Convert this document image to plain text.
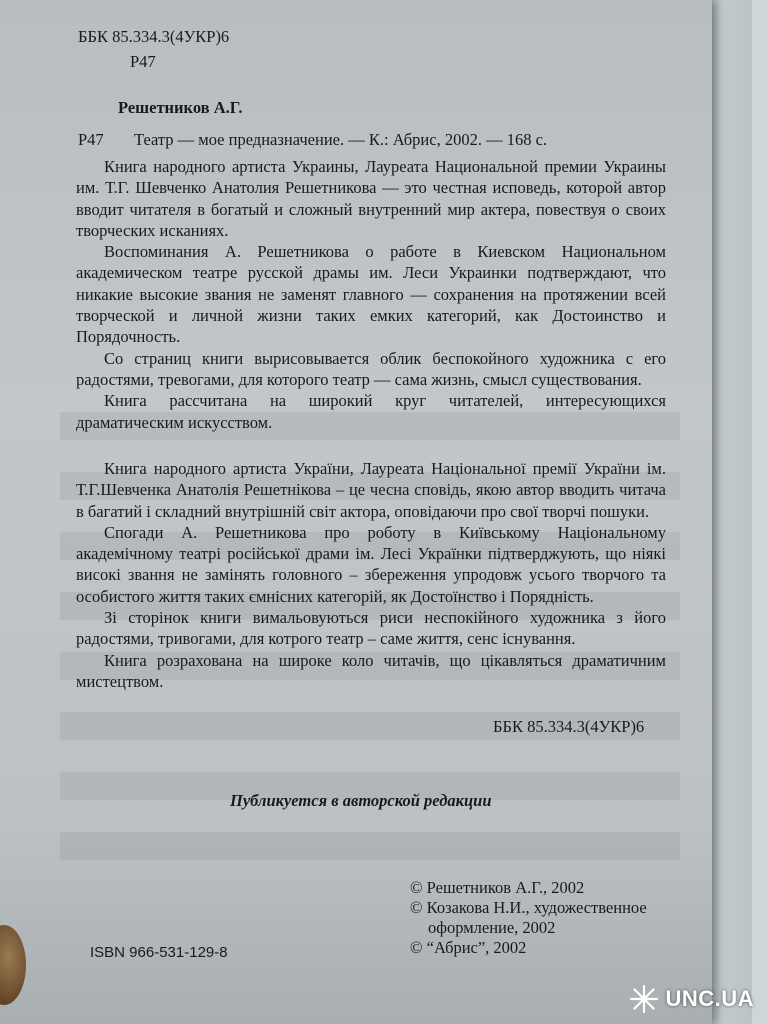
ББК 85.334.3(4УКР)6
Р47
Решетников А.Г.
Р47 Театр — мое предназначение. — К.: Абрис, 2002. — 168 с.

Книга народного артиста Украины, Лауреата Национальной премии Украины им. Т.Г. Шевченко Анатолия Решетникова — это честная исповедь, которой автор вводит читателя в богатый и сложный внутренний мир актера, повествуя о своих творческих исканиях.

Воспоминания А. Решетникова о работе в Киевском Национальном академическом театре русской драмы им. Леси Украинки подтверждают, что никакие высокие звания не заменят главного — сохранения на протяжении всей творческой и личной жизни таких емких категорий, как Достоинство и Порядочность.

Со страниц книги вырисовывается облик беспокойного художника с его радостями, тревогами, для которого театр — сама жизнь, смысл существования.

Книга рассчитана на широкий круг читателей, интересующихся драматическим искусством.

Книга народного артиста України, Лауреата Національної премії України ім. Т.Г.Шевченка Анатолія Решетнiкова – це чесна сповідь, якою автор вводить читача в багатий і складний внутрішній світ актора, оповідаючи про свої творчі пошуки.

Спогади А. Решетникова про роботу в Київському Національному академічному театрі російської драми ім. Лесі Українки підтверджують, що ніякі високі звання не замінять головного – збереження упродовж усього творчого та особистого життя таких ємнісних категорій, як Достоїнство і Порядність.

Зі сторінок книги вимальовуються риси неспокійного художника з його радостями, тривогами, для котрого театр – саме життя, сенс існування.

Книга розрахована на широке коло читачів, що цікавляться драматичним мистецтвом.

ББК 85.334.3(4УКР)6
Публикуется в авторской редакции
© Решетников А.Г., 2002
© Козакова Н.И., художественное
оформление, 2002
© “Абрис”, 2002
ISBN 966-531-129-8
UNC.UA
